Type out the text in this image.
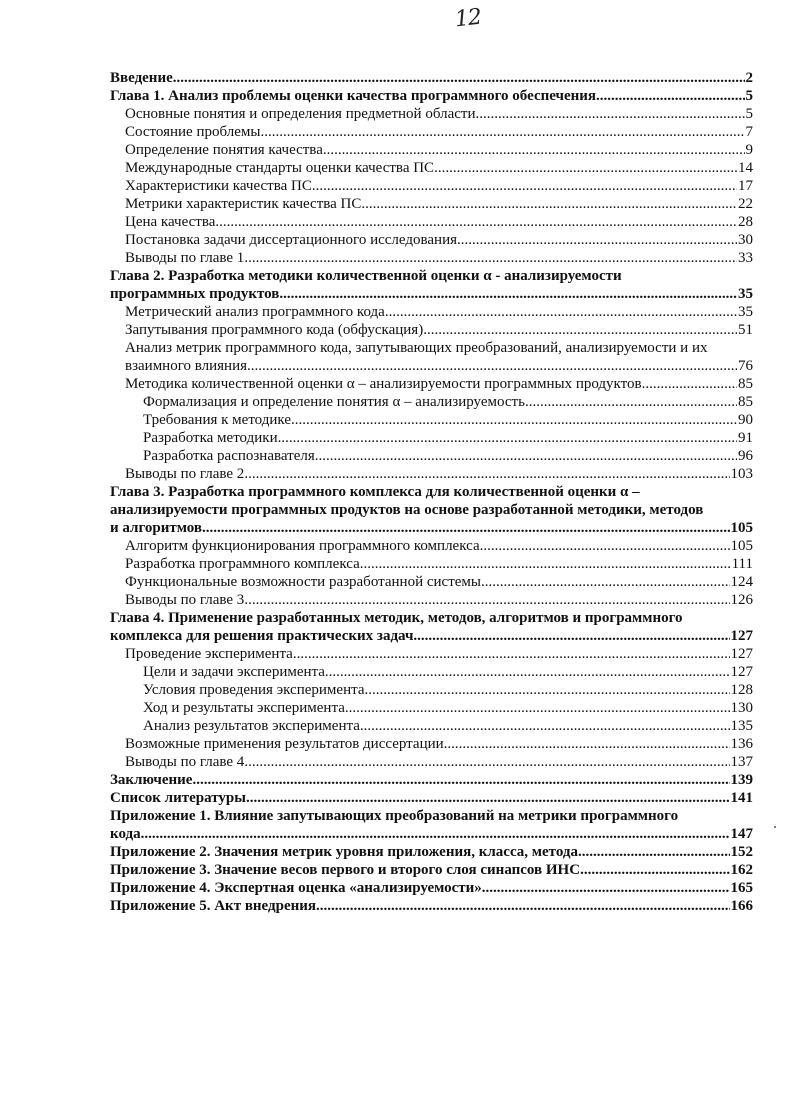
12
Введение .....	2
Глава 1. Анализ проблемы оценки качества программного обеспечения .....	5
Основные понятия и определения предметной области .....	5
Состояние проблемы .....	7
Определение понятия качества .....	9
Международные стандарты оценки качества ПС .....	14
Характеристики качества ПС .....	17
Метрики характеристик качества ПС .....	22
Цена качества .....	28
Постановка задачи диссертационного исследования .....	30
Выводы по главе 1 .....	33
Глава 2. Разработка методики количественной оценки α - анализируемости
программных продуктов .....	35
Метрический анализ программного кода .....	35
Запутывания программного кода (обфускация) .....	51
Анализ метрик программного кода, запутывающих преобразований, анализируемости и их
взаимного влияния .....	76
Методика количественной оценки α – анализируемости программных продуктов .....	85
Формализация и определение понятия α – анализируемость .....	85
Требования к методике .....	90
Разработка методики .....	91
Разработка распознавателя .....	96
Выводы по главе 2 .....	103
Глава 3. Разработка программного комплекса для количественной оценки α –
анализируемости программных продуктов на основе разработанной методики, методов
и алгоритмов .....	105
Алгоритм функционирования программного комплекса .....	105
Разработка программного комплекса .....	111
Функциональные возможности разработанной системы .....	124
Выводы по главе 3 .....	126
Глава 4. Применение разработанных методик, методов, алгоритмов и программного
комплекса для решения практических задач .....	127
Проведение эксперимента .....	127
Цели и задачи эксперимента. .....	127
Условия проведения эксперимента .....	128
Ход и результаты эксперимента .....	130
Анализ результатов эксперимента .....	135
Возможные применения результатов диссертации .....	136
Выводы по главе 4 .....	137
Заключение .....	139
Список литературы .....	141
Приложение 1. Влияние запутывающих преобразований на метрики программного
кода .....	147
Приложение 2. Значения метрик уровня приложения, класса, метода .....	152
Приложение 3. Значение весов первого и второго слоя синапсов ИНС .....	162
Приложение 4. Экспертная оценка «анализируемости» .....	165
Приложение 5. Акт внедрения .....	166
